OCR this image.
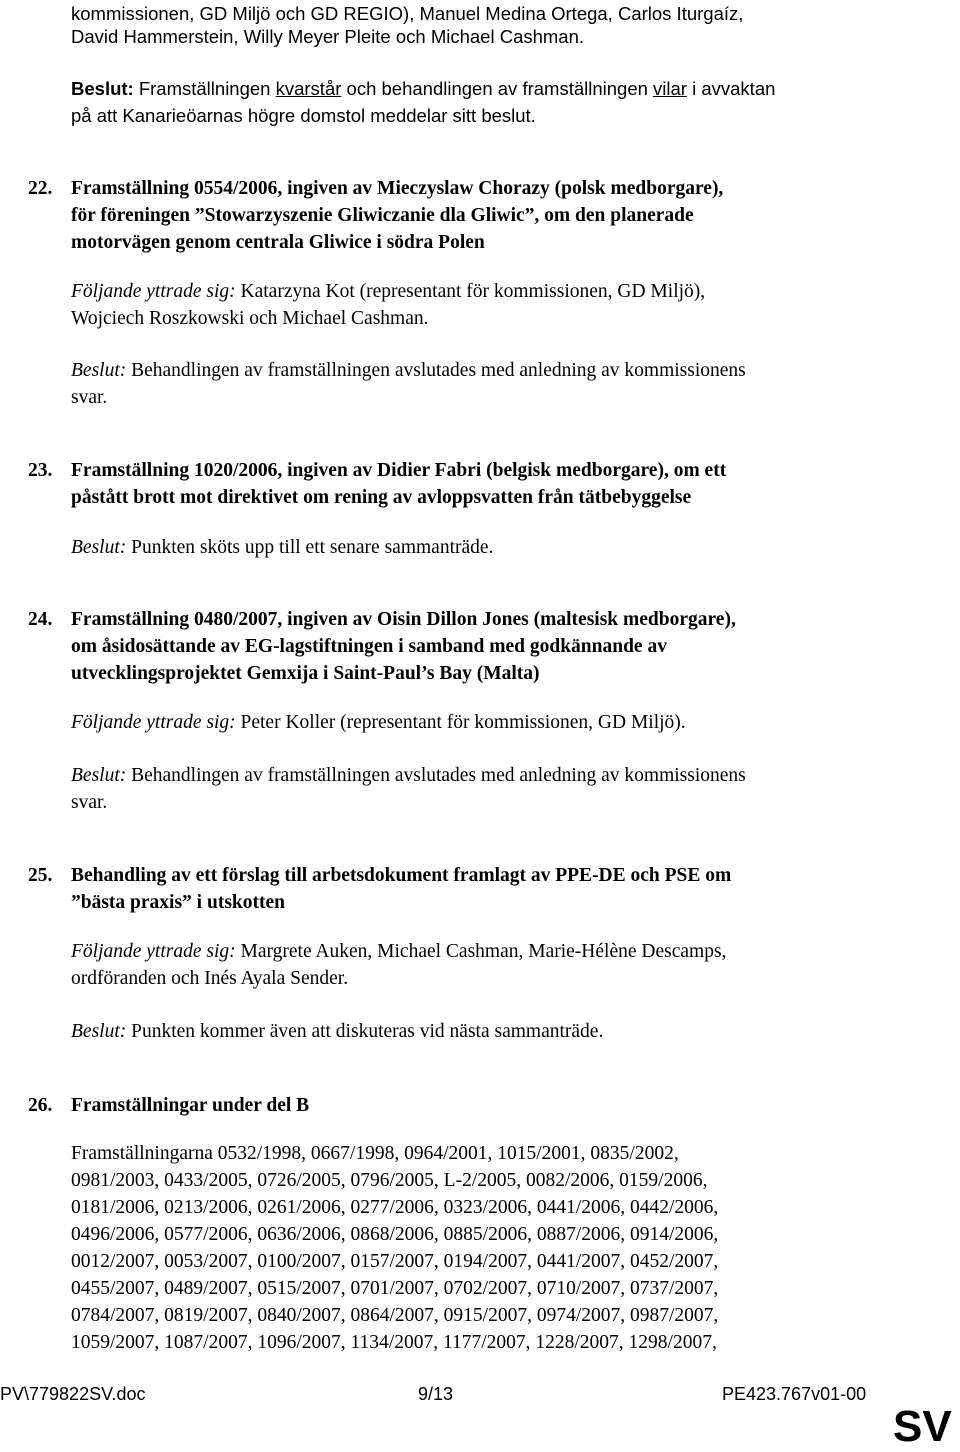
kommissionen, GD Miljö och GD REGIO), Manuel Medina Ortega, Carlos Iturgaíz,
David Hammerstein, Willy Meyer Pleite och Michael Cashman.
Beslut: Framställningen kvarstår och behandlingen av framställningen vilar i avvaktan
på att Kanarieöarnas högre domstol meddelar sitt beslut.
22. Framställning 0554/2006, ingiven av Mieczyslaw Chorazy (polsk medborgare),
för föreningen ”Stowarzyszenie Gliwiczanie dla Gliwic”, om den planerade
motorvägen genom centrala Gliwice i södra Polen
Följande yttrade sig: Katarzyna Kot (representant för kommissionen, GD Miljö),
Wojciech Roszkowski och Michael Cashman.
Beslut: Behandlingen av framställningen avslutades med anledning av kommissionens
svar.
23. Framställning 1020/2006, ingiven av Didier Fabri (belgisk medborgare), om ett
påstått brott mot direktivet om rening av avloppsvatten från tätbebyggelse
Beslut: Punkten sköts upp till ett senare sammanträde.
24. Framställning 0480/2007, ingiven av Oisin Dillon Jones (maltesisk medborgare),
om åsidosättande av EG-lagstiftningen i samband med godkännande av
utvecklingsprojektet Gemxija i Saint-Paul’s Bay (Malta)
Följande yttrade sig: Peter Koller (representant för kommissionen, GD Miljö).
Beslut: Behandlingen av framställningen avslutades med anledning av kommissionens
svar.
25. Behandling av ett förslag till arbetsdokument framlagt av PPE-DE och PSE om
”bästa praxis” i utskotten
Följande yttrade sig: Margrete Auken, Michael Cashman, Marie-Hélène Descamps,
ordföranden och Inés Ayala Sender.
Beslut: Punkten kommer även att diskuteras vid nästa sammanträde.
26. Framställningar under del B
Framställningarna 0532/1998, 0667/1998, 0964/2001, 1015/2001, 0835/2002,
0981/2003, 0433/2005, 0726/2005, 0796/2005, L-2/2005, 0082/2006, 0159/2006,
0181/2006, 0213/2006, 0261/2006, 0277/2006, 0323/2006, 0441/2006, 0442/2006,
0496/2006, 0577/2006, 0636/2006, 0868/2006, 0885/2006, 0887/2006, 0914/2006,
0012/2007, 0053/2007, 0100/2007, 0157/2007, 0194/2007, 0441/2007, 0452/2007,
0455/2007, 0489/2007, 0515/2007, 0701/2007, 0702/2007, 0710/2007, 0737/2007,
0784/2007, 0819/2007, 0840/2007, 0864/2007, 0915/2007, 0974/2007, 0987/2007,
1059/2007, 1087/2007, 1096/2007, 1134/2007, 1177/2007, 1228/2007, 1298/2007,
PV\779822SV.doc	9/13	PE423.767v01-00
SV
